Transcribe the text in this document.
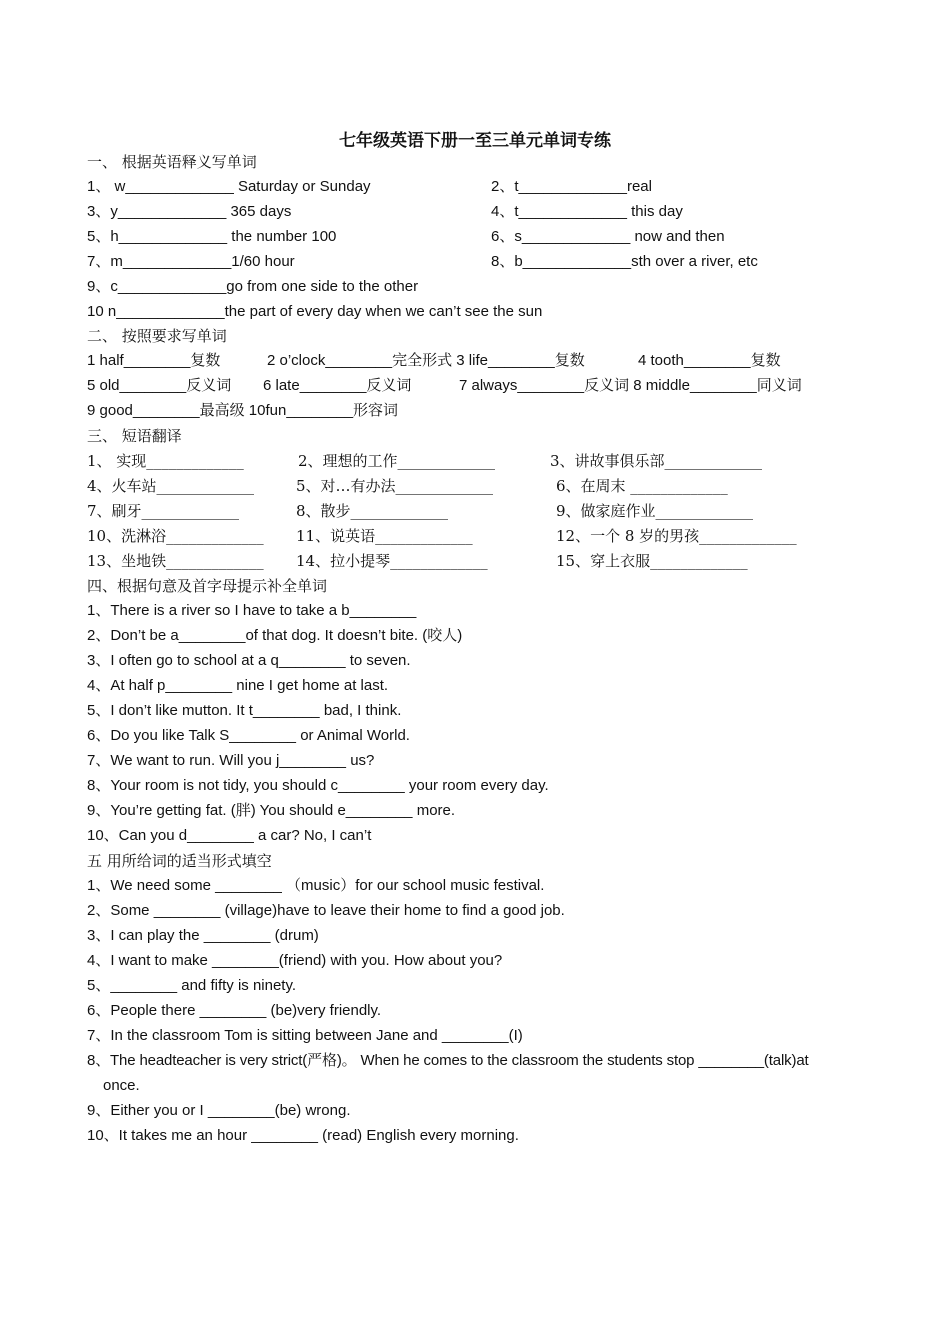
七年级英语下册一至三单元单词专练
一、 根据英语释义写单词
1、 w_____________ Saturday or Sunday	2、t_____________real
3、y_____________ 365 days	4、t_____________ this day
5、h_____________ the number 100	6、s_____________ now and then
7、m_____________1/60 hour	8、b_____________sth over a river, etc
9、c_____________go from one side to the other
10 n_____________the part of every day when we can’t see the sun
二、 按照要求写单词
1 half________复数	2 o’clock________完全形式 3 life________复数	4 tooth________复数
5 old________反义词 6 late________反义词	7 always________反义词 8 middle________同义词
9 good________最高级 10fun________形容词
三、 短语翻译
1、 实现_____________	2、理想的工作_____________	3、讲故事俱乐部_____________
4、火车站_____________	5、对…有办法_____________	6、在周末 _____________
7、刷牙_____________	8、散步_____________	9、做家庭作业_____________
10、洗淋浴_____________ 11、说英语_____________	12、一个 8 岁的男孩_____________
13、坐地铁_____________ 14、拉小提琴_____________	15、穿上衣服_____________
四、根据句意及首字母提示补全单词
1、There is a river so I have to take a b________
2、Don’t be a________of that dog. It doesn’t bite. (咬人)
3、I often go to school at a q________ to seven.
4、At half p________ nine I get home at last.
5、I don’t like mutton. It t________ bad, I think.
6、Do you like Talk S________ or Animal World.
7、We want to run. Will you j________ us?
8、Your room is not tidy, you should c________ your room every day.
9、You’re getting fat. (胖) You should e________ more.
10、Can you d________ a car? No, I can’t
五 用所给词的适当形式填空
1、We need some ________ （music）for our school music festival.
2、Some ________ (village)have to leave their home to find a good job.
3、I can play the ________ (drum)
4、I want to make ________(friend) with you. How about you?
5、________ and fifty is ninety.
6、People there ________ (be)very friendly.
7、In the classroom Tom is sitting between Jane and ________(I)
8、The headteacher is very strict(严格)。 When he comes to the classroom the students stop ________(talk)at
once.
9、Either you or I ________(be) wrong.
10、It takes me an hour ________ (read) English every morning.
